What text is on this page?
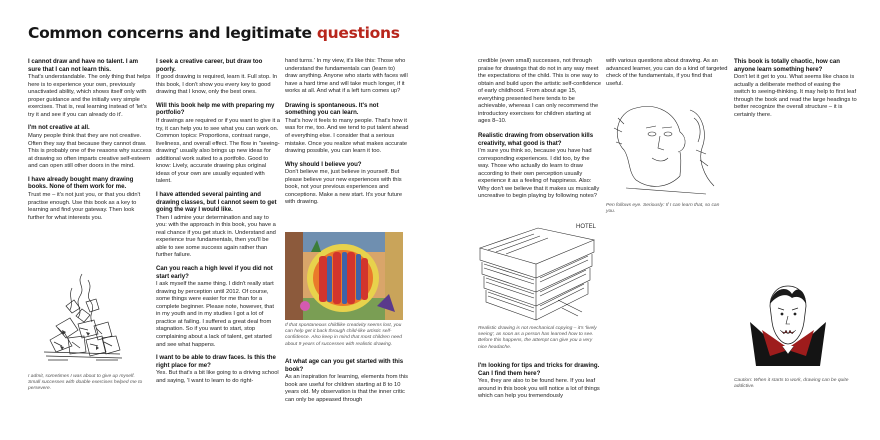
Common concerns and legitimate questions
I cannot draw and have no talent. I am sure that I can not learn this.

That's understandable. The only thing that helps here is to experience your own, previously unactivated ability, which shows itself only with proper guidance and the initially very simple exercises. That is, real learning instead of 'let's try it and see if you can already do it'.

I'm not creative at all.

Many people think that they are not creative. Often they say that because they cannot draw. This is probably one of the reasons why success at drawing so often imparts creative self-esteem and can open still other doors in the mind.

I have already bought many drawing books. None of them work for me.

Trust me – it's not just you, or that you didn't practise enough. Use this book as a key to learning and find your gateway. Then look further for what interests you.

I admit, sometimes I was about to give up myself. Small successes with doable exercises helped me to persevere.

I seek a creative career, but draw too poorly.

If good drawing is required, learn it. Full stop. In this book, I don't show you every key to good drawing that I know, only the best ones.

Will this book help me with preparing my portfolio?

If drawings are required or if you want to give it a try, it can help you to see what you can work on. Common topics: Proportions, contrast range, liveliness, and overall effect. The flow in "seeing-drawing" usually also brings up new ideas for additional work suited to a portfolio. Good to know: Lively, accurate drawing plus original ideas of your own are usually equated with talent.

I have attended several painting and drawing classes, but I cannot seem to get going the way I would like.

Then I admire your determination and say to you: with the approach in this book, you have a real chance if you get stuck in. Understand and experience true fundamentals, then you'll be able to see some success again rather than further failure.

Can you reach a high level if you did not start early?

I ask myself the same thing. I didn't really start drawing by perception until 2012. Of course, some things were easier for me than for a complete beginner. Please note, however, that in my youth and in my studies I got a lot of practice at failing. I suffered a great deal from stagnation. So if you want to start, stop complaining about a lack of talent, get started and see what happens.

I want to be able to draw faces. Is this the right place for me?

Yes. But that's a bit like going to a driving school and saying, 'I want to learn to do right-

hand turns.' In my view, it's like this: Those who understand the fundamentals can (learn to) draw anything. Anyone who starts with faces will have a hard time and will take much longer, if it works at all. And what if a left turn comes up?

Drawing is spontaneous. It's not something you can learn.

That's how it feels to many people. That's how it was for me, too. And we tend to put talent ahead of everything else. I consider that a serious mistake. Once you realize what makes accurate drawing possible, you can learn it too.

Why should I believe you?

Don't believe me, just believe in yourself. But please believe your new experiences with this book, not your previous experiences and conceptions. Make a new start. It's your future with drawing.

If that spontaneous childlike creativity seems lost, you can help get it back through child-like artistic self-confidence. Also keep in mind that most children need about 9 years of successes with realistic drawing.

At what age can you get started with this book?

As an inspiration for learning, elements from this book are useful for children starting at 8 to 10 years old. My observation is that the inner critic can only be appeased through

credible (even small) successes, not through praise for drawings that do not in any way meet the expectations of the child. This is one way to obtain and build upon the artistic self-confidence of early childhood. From about age 15, everything presented here tends to be achievable, whereas I can only recommend the introductory exercises for children starting at ages 8–10.

Realistic drawing from observation kills creativity, what good is that?

I'm sure you think so, because you have had corresponding experiences. I did too, by the way. Those who actually do learn to draw according to their own perception usually experience it as a feeling of happiness. Also: Why don't we believe that it makes us musically uncreative to begin playing by following notes?

HOTEL

Realistic drawing is not mechanical copying – it's 'lively seeing', as soon as a person has learned how to see. Before this happens, the attempt can give you a very nice headache.

I'm looking for tips and tricks for drawing. Can I find them here?

Yes, they are also to be found here. If you leaf around in this book you will notice a lot of things which can help you tremendously

with various questions about drawing. As an advanced learner, you can do a kind of targeted check of the fundamentals, if you find that useful.

Pen follows eye. Seriously: If I can learn that, so can you.

This book is totally chaotic, how can anyone learn something here?

Don't let it get to you. What seems like chaos is actually a deliberate method of easing the switch to seeing-thinking. It may help to first leaf through the book and read the large headings to better recognize the overall structure – it is certainly there.

Caution: When it starts to work, drawing can be quite addictive.
